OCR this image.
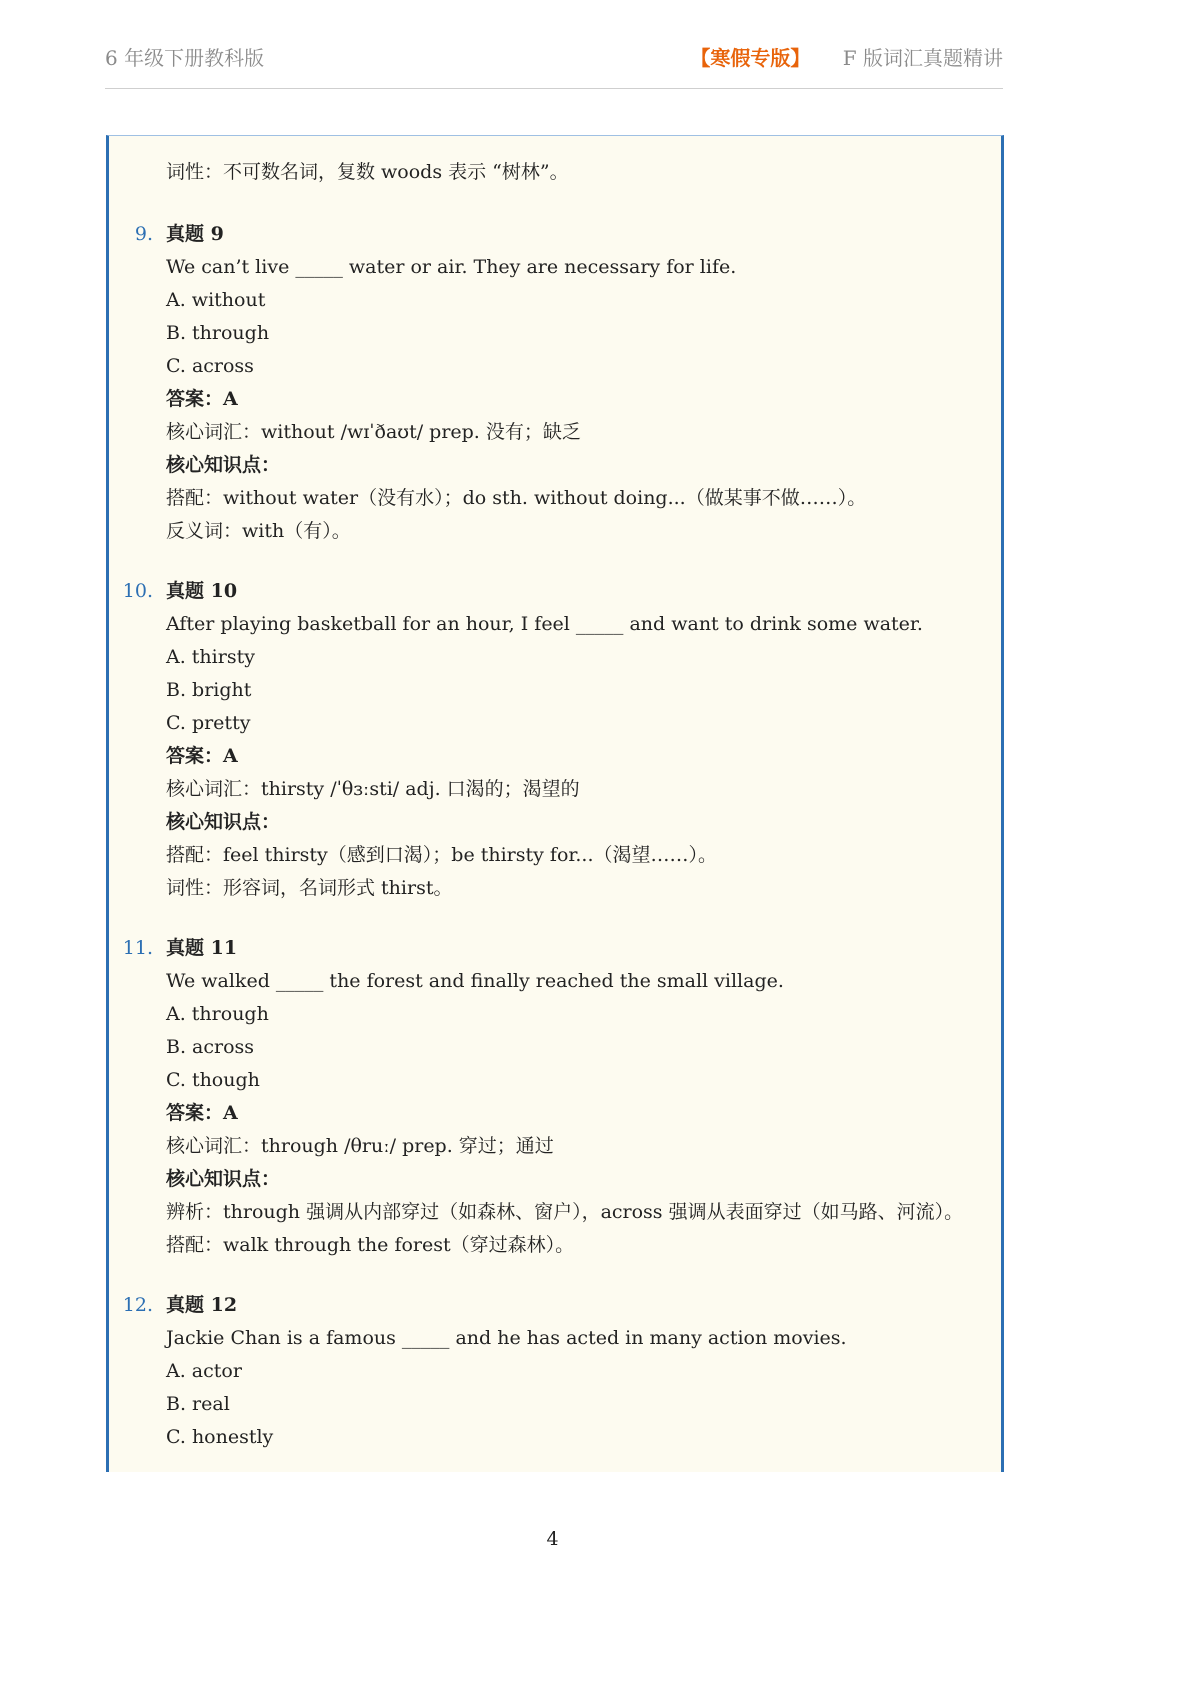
6 年级下册教科版	【寒假专版】 F 版词汇真题精讲
词性：不可数名词，复数 woods 表示 “树林”。
9. 真题 9
We can’t live _____ water or air. They are necessary for life.
A. without
B. through
C. across
答案：A
核心词汇：without /wɪˈðaʊt/ prep. 没有；缺乏
核心知识点：
搭配：without water（没有水）；do sth. without doing...（做某事不做……）。
反义词：with（有）。
10. 真题 10
After playing basketball for an hour, I feel _____ and want to drink some water.
A. thirsty
B. bright
C. pretty
答案：A
核心词汇：thirsty /ˈθɜːsti/ adj. 口渴的；渴望的
核心知识点：
搭配：feel thirsty（感到口渴）；be thirsty for...（渴望……）。
词性：形容词，名词形式 thirst。
11. 真题 11
We walked _____ the forest and finally reached the small village.
A. through
B. across
C. though
答案：A
核心词汇：through /θruː/ prep. 穿过；通过
核心知识点：
辨析：through 强调从内部穿过（如森林、窗户），across 强调从表面穿过（如马路、河流）。
搭配：walk through the forest（穿过森林）。
12. 真题 12
Jackie Chan is a famous _____ and he has acted in many action movies.
A. actor
B. real
C. honestly
4
